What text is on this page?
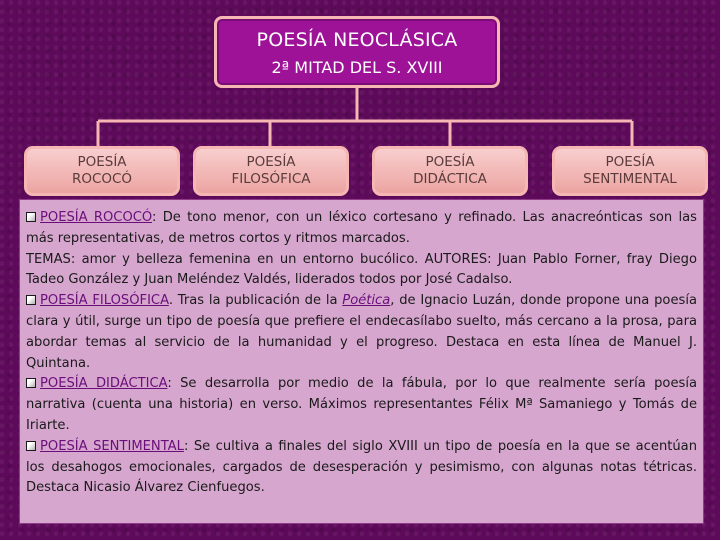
POESÍA NEOCLÁSICA
2ª MITAD DEL S. XVIII
POESÍA
ROCOCÓ
POESÍA
FILOSÓFICA
POESÍA
DIDÁCTICA
POESÍA
SENTIMENTAL

POESÍA ROCOCÓ: De tono menor, con un léxico cortesano y refinado. Las anacreónticas son las más representativas, de metros cortos y ritmos marcados.

TEMAS: amor y belleza femenina en un entorno bucólico. AUTORES: Juan Pablo Forner, fray Diego Tadeo González y Juan Meléndez Valdés, liderados todos por José Cadalso.

POESÍA FILOSÓFICA. Tras la publicación de la Poética, de Ignacio Luzán, donde propone una poesía clara y útil, surge un tipo de poesía que prefiere el endecasílabo suelto, más cercano a la prosa, para abordar temas al servicio de la humanidad y el progreso. Destaca en esta línea de Manuel J. Quintana.

POESÍA DIDÁCTICA: Se desarrolla por medio de la fábula, por lo que realmente sería poesía narrativa (cuenta una historia) en verso. Máximos representantes Félix Mª Samaniego y Tomás de Iriarte.

POESÍA SENTIMENTAL: Se cultiva a finales del siglo XVIII un tipo de poesía en la que se acentúan los desahogos emocionales, cargados de desesperación y pesimismo, con algunas notas tétricas. Destaca Nicasio Álvarez Cienfuegos.
